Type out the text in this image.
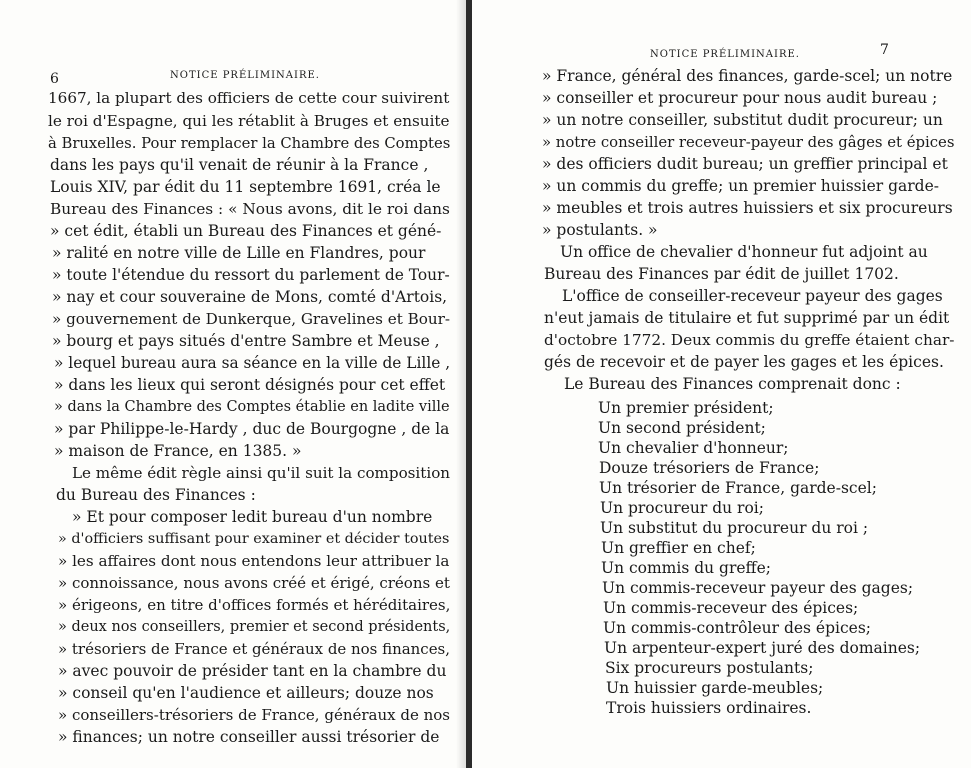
6	NOTICE PRÉLIMINAIRE.
1667, la plupart des officiers de cette cour suivirent
le roi d'Espagne, qui les rétablit à Bruges et ensuite
à Bruxelles. Pour remplacer la Chambre des Comptes
dans les pays qu'il venait de réunir à la France ,
Louis XIV, par édit du 11 septembre 1691, créa le
Bureau des Finances : « Nous avons, dit le roi dans
» cet édit, établi un Bureau des Finances et géné-
» ralité en notre ville de Lille en Flandres, pour
» toute l'étendue du ressort du parlement de Tour-
» nay et cour souveraine de Mons, comté d'Artois,
» gouvernement de Dunkerque, Gravelines et Bour-
» bourg et pays situés d'entre Sambre et Meuse ,
» lequel bureau aura sa séance en la ville de Lille ,
» dans les lieux qui seront désignés pour cet effet
» dans la Chambre des Comptes établie en ladite ville
» par Philippe-le-Hardy , duc de Bourgogne , de la
» maison de France, en 1385. »
Le même édit règle ainsi qu'il suit la composition
du Bureau des Finances :
» Et pour composer ledit bureau d'un nombre
» d'officiers suffisant pour examiner et décider toutes
» les affaires dont nous entendons leur attribuer la
» connoissance, nous avons créé et érigé, créons et
» érigeons, en titre d'offices formés et héréditaires,
» deux nos conseillers, premier et second présidents,
» trésoriers de France et généraux de nos finances,
» avec pouvoir de présider tant en la chambre du
» conseil qu'en l'audience et ailleurs; douze nos
» conseillers-trésoriers de France, généraux de nos
» finances; un notre conseiller aussi trésorier de
NOTICE PRÉLIMINAIRE.	7
» France, général des finances, garde-scel; un notre
» conseiller et procureur pour nous audit bureau ;
» un notre conseiller, substitut dudit procureur; un
» notre conseiller receveur-payeur des gâges et épices
» des officiers dudit bureau; un greffier principal et
» un commis du greffe; un premier huissier garde-
» meubles et trois autres huissiers et six procureurs
» postulants. »
Un office de chevalier d'honneur fut adjoint au
Bureau des Finances par édit de juillet 1702.
L'office de conseiller-receveur payeur des gages
n'eut jamais de titulaire et fut supprimé par un édit
d'octobre 1772. Deux commis du greffe étaient char-
gés de recevoir et de payer les gages et les épices.
Le Bureau des Finances comprenait donc :
Un premier président;
Un second président;
Un chevalier d'honneur;
Douze trésoriers de France;
Un trésorier de France, garde-scel;
Un procureur du roi;
Un substitut du procureur du roi ;
Un greffier en chef;
Un commis du greffe;
Un commis-receveur payeur des gages;
Un commis-receveur des épices;
Un commis-contrôleur des épices;
Un arpenteur-expert juré des domaines;
Six procureurs postulants;
Un huissier garde-meubles;
Trois huissiers ordinaires.
